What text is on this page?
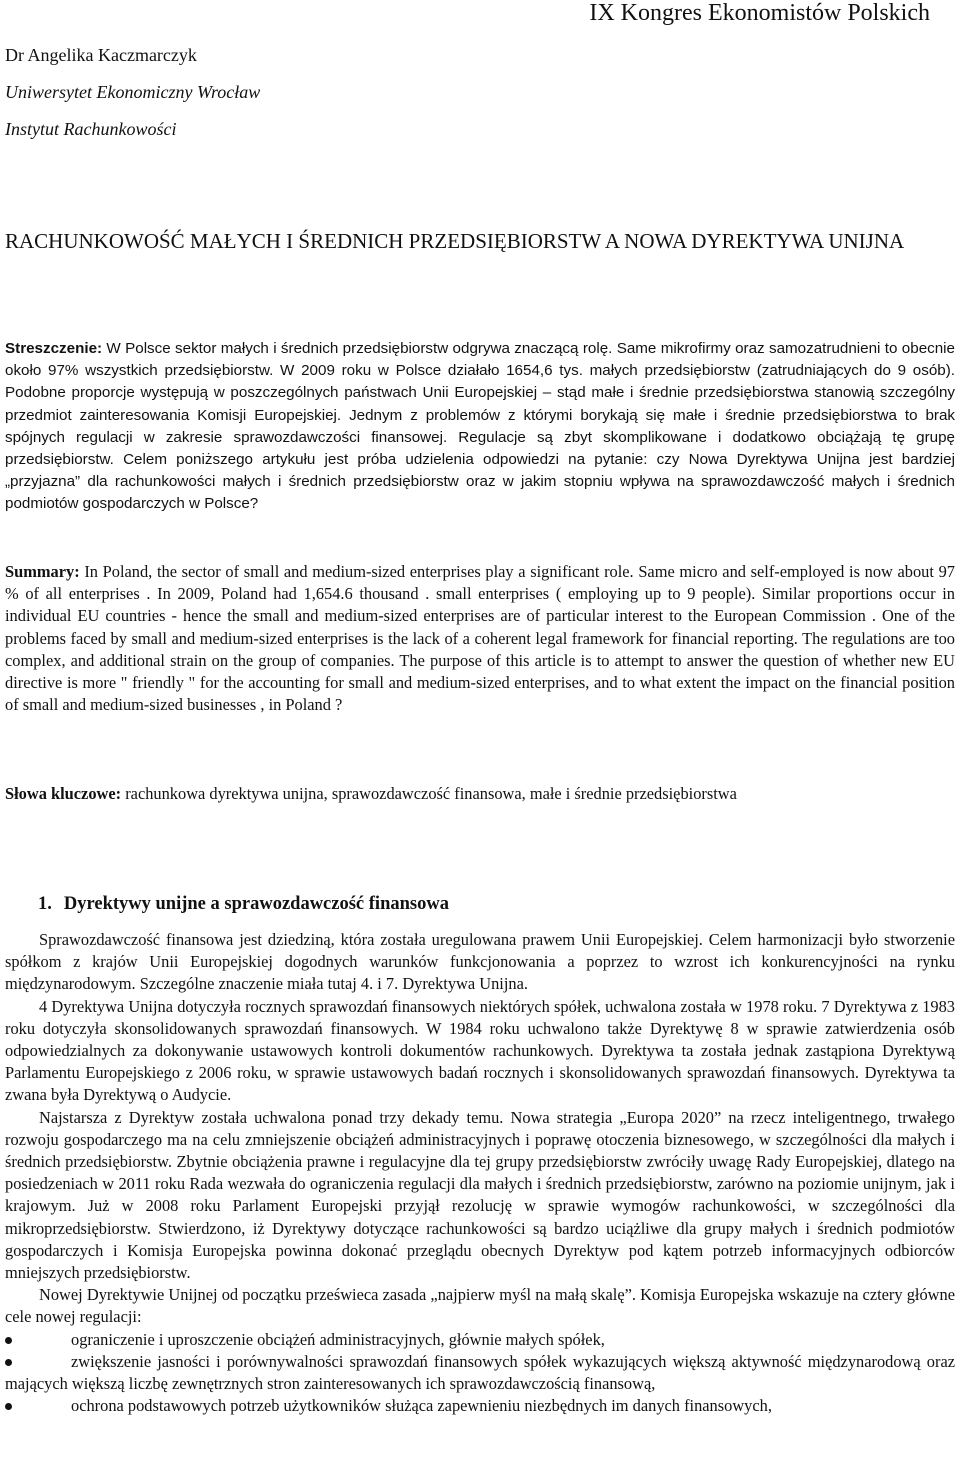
IX Kongres Ekonomistów Polskich
Dr Angelika Kaczmarczyk
Uniwersytet Ekonomiczny Wrocław
Instytut Rachunkowości
RACHUNKOWOŚĆ MAŁYCH I ŚREDNICH PRZEDSIĘBIORSTW A NOWA DYREKTYWA UNIJNA
Streszczenie: W Polsce sektor małych i średnich przedsiębiorstw odgrywa znaczącą rolę. Same mikrofirmy oraz samozatrudnieni to obecnie około 97% wszystkich przedsiębiorstw. W 2009 roku w Polsce działało 1654,6 tys. małych przedsiębiorstw (zatrudniających do 9 osób). Podobne proporcje występują w poszczególnych państwach Unii Europejskiej – stąd małe i średnie przedsiębiorstwa stanowią szczególny przedmiot zainteresowania Komisji Europejskiej. Jednym z problemów z którymi borykają się małe i średnie przedsiębiorstwa to brak spójnych regulacji w zakresie sprawozdawczości finansowej. Regulacje są zbyt skomplikowane i dodatkowo obciążają tę grupę przedsiębiorstw. Celem poniższego artykułu jest próba udzielenia odpowiedzi na pytanie: czy Nowa Dyrektywa Unijna jest bardziej „przyjazna” dla rachunkowości małych i średnich przedsiębiorstw oraz w jakim stopniu wpływa na sprawozdawczość małych i średnich podmiotów gospodarczych w Polsce?
Summary: In Poland, the sector of small and medium-sized enterprises play a significant role. Same micro and self-employed is now about 97 % of all enterprises . In 2009, Poland had 1,654.6 thousand . small enterprises ( employing up to 9 people). Similar proportions occur in individual EU countries - hence the small and medium-sized enterprises are of particular interest to the European Commission . One of the problems faced by small and medium-sized enterprises is the lack of a coherent legal framework for financial reporting. The regulations are too complex, and additional strain on the group of companies. The purpose of this article is to attempt to answer the question of whether new EU directive is more " friendly " for the accounting for small and medium-sized enterprises, and to what extent the impact on the financial position of small and medium-sized businesses , in Poland ?
Słowa kluczowe: rachunkowa dyrektywa unijna, sprawozdawczość finansowa, małe i średnie przedsiębiorstwa
1. Dyrektywy unijne a sprawozdawczość finansowa

Sprawozdawczość finansowa jest dziedziną, która została uregulowana prawem Unii Europejskiej. Celem harmonizacji było stworzenie spółkom z krajów Unii Europejskiej dogodnych warunków funkcjonowania a poprzez to wzrost ich konkurencyjności na rynku międzynarodowym. Szczególne znaczenie miała tutaj 4. i 7. Dyrektywa Unijna.

4 Dyrektywa Unijna dotyczyła rocznych sprawozdań finansowych niektórych spółek, uchwalona została w 1978 roku. 7 Dyrektywa z 1983 roku dotyczyła skonsolidowanych sprawozdań finansowych. W 1984 roku uchwalono także Dyrektywę 8 w sprawie zatwierdzenia osób odpowiedzialnych za dokonywanie ustawowych kontroli dokumentów rachunkowych. Dyrektywa ta została jednak zastąpiona Dyrektywą Parlamentu Europejskiego z 2006 roku, w sprawie ustawowych badań rocznych i skonsolidowanych sprawozdań finansowych. Dyrektywa ta zwana była Dyrektywą o Audycie.

Najstarsza z Dyrektyw została uchwalona ponad trzy dekady temu. Nowa strategia „Europa 2020” na rzecz inteligentnego, trwałego rozwoju gospodarczego ma na celu zmniejszenie obciążeń administracyjnych i poprawę otoczenia biznesowego, w szczególności dla małych i średnich przedsiębiorstw. Zbytnie obciążenia prawne i regulacyjne dla tej grupy przedsiębiorstw zwróciły uwagę Rady Europejskiej, dlatego na posiedzeniach w 2011 roku Rada wezwała do ograniczenia regulacji dla małych i średnich przedsiębiorstw, zarówno na poziomie unijnym, jak i krajowym. Już w 2008 roku Parlament Europejski przyjął rezolucję w sprawie wymogów rachunkowości, w szczególności dla mikroprzedsiębiorstw. Stwierdzono, iż Dyrektywy dotyczące rachunkowości są bardzo uciążliwe dla grupy małych i średnich podmiotów gospodarczych i Komisja Europejska powinna dokonać przeglądu obecnych Dyrektyw pod kątem potrzeb informacyjnych odbiorców mniejszych przedsiębiorstw.

Nowej Dyrektywie Unijnej od początku prześwieca zasada „najpierw myśl na małą skalę”. Komisja Europejska wskazuje na cztery główne cele nowej regulacji:

ograniczenie i uproszczenie obciążeń administracyjnych, głównie małych spółek,
zwiększenie jasności i porównywalności sprawozdań finansowych spółek wykazujących większą aktywność międzynarodową oraz mających większą liczbę zewnętrznych stron zainteresowanych ich sprawozdawczością finansową,
ochrona podstawowych potrzeb użytkowników służąca zapewnieniu niezbędnych im danych finansowych,
